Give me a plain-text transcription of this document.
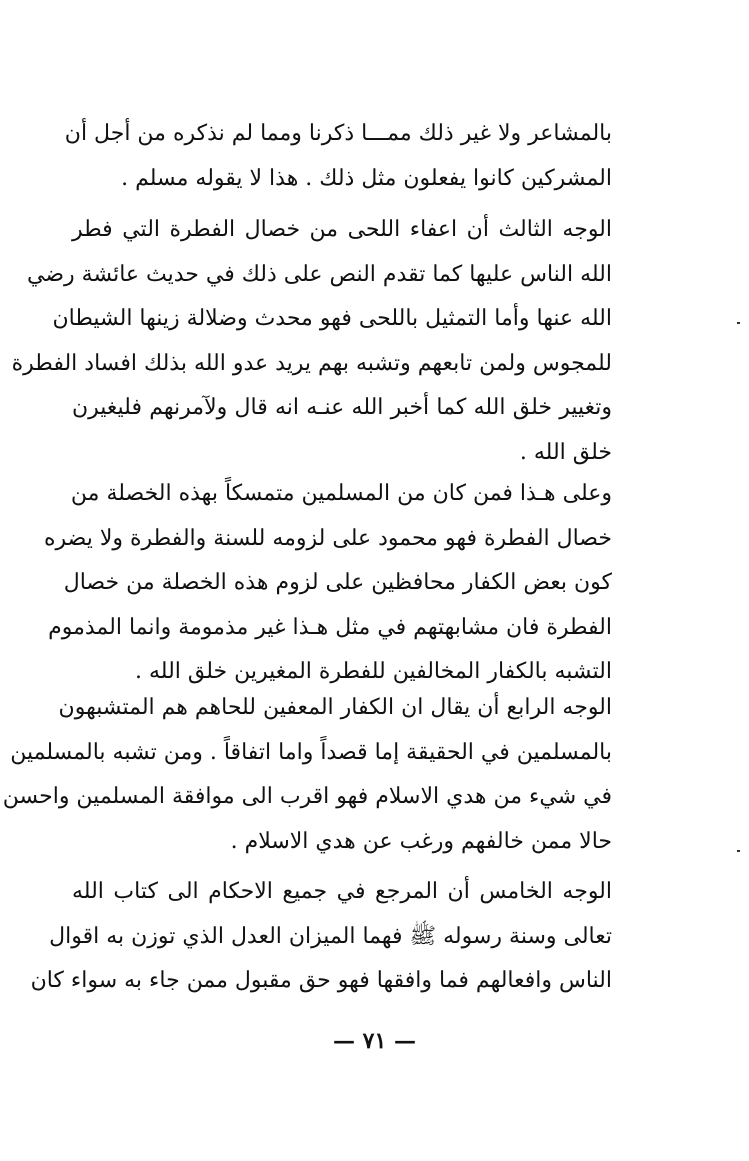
بالمشاعر ولا غير ذلك ممـــا ذكرنا ومما لم نذكره من أجل أن
المشركين كانوا يفعلون مثل ذلك . هذا لا يقوله مسلم .
الوجه الثالث أن اعفاء اللحى من خصال الفطرة التي فطر
الله الناس عليها كما تقدم النص على ذلك في حديث عائشة رضي
الله عنها وأما التمثيل باللحى فهو محدث وضلالة زينها الشيطان
للمجوس ولمن تابعهم وتشبه بهم يريد عدو الله بذلك افساد الفطرة
وتغيير خلق الله كما أخبر الله عنـه انه قال ولآمرنهم فليغيرن
خلق الله .
وعلى هـذا فمن كان من المسلمين متمسكاً بهذه الخصلة من
خصال الفطرة فهو محمود على لزومه للسنة والفطرة ولا يضره
كون بعض الكفار محافظين على لزوم هذه الخصلة من خصال
الفطرة فان مشابهتهم في مثل هـذا غير مذمومة وانما المذموم
التشبه بالكفار المخالفين للفطرة المغيرين خلق الله .
الوجه الرابع أن يقال ان الكفار المعفين للحاهم هم المتشبهون
بالمسلمين في الحقيقة إما قصداً واما اتفاقاً . ومن تشبه بالمسلمين
في شيء من هدي الاسلام فهو اقرب الى موافقة المسلمين واحسن
حالا ممن خالفهم ورغب عن هدي الاسلام .
الوجه الخامس أن المرجع في جميع الاحكام الى كتاب الله
تعالى وسنة رسوله ﷺ فهما الميزان العدل الذي توزن به اقوال
الناس وافعالهم فما وافقها فهو حق مقبول ممن جاء به سواء كان
— ٧١ —
